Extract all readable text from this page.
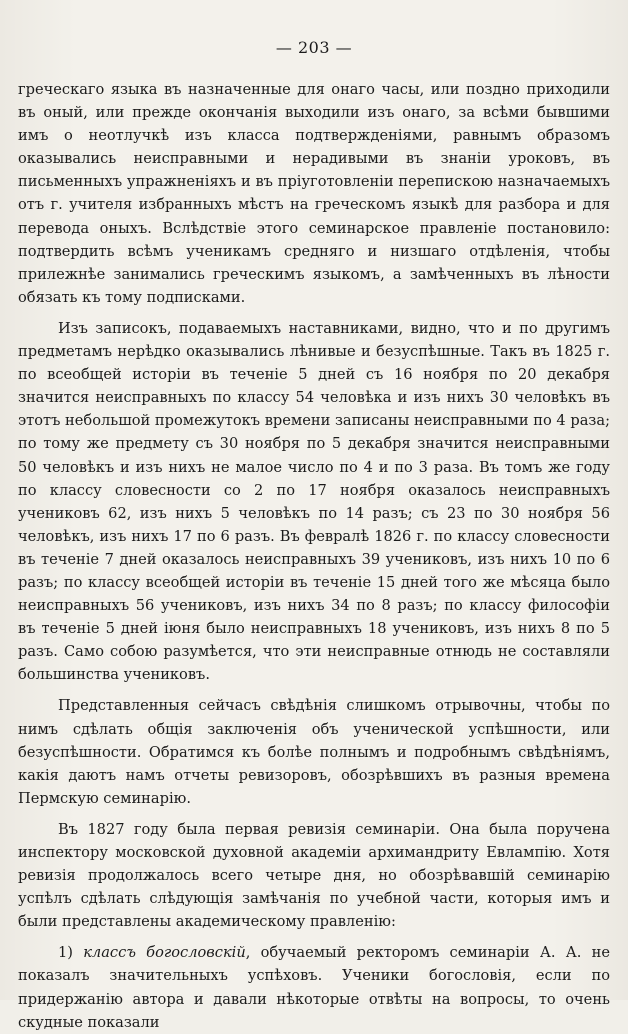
— 203 —

греческаго языка въ назначенные для онаго часы, или поздно приходили въ оный, или прежде окончанія выходили изъ онаго, за всѣми бывшими имъ о неотлучкѣ изъ класса подтвержденіями, равнымъ образомъ оказывались неисправными и нерадивыми въ знаніи уроковъ, въ письменныхъ упражненіяхъ и въ пріуготовленіи перепискою назначаемыхъ отъ г. учителя избранныхъ мѣстъ на греческомъ языкѣ для разбора и для перевода оныхъ. Вслѣдствіе этого семинарское правленіе постановило: подтвердить всѣмъ ученикамъ средняго и низшаго отдѣленія, чтобы прилежнѣе занимались греческимъ языкомъ, а замѣченныхъ въ лѣности обязать къ тому подписками.

Изъ записокъ, подаваемыхъ наставниками, видно, что и по другимъ предметамъ нерѣдко оказывались лѣнивые и безуспѣшные. Такъ въ 1825 г. по всеобщей исторіи въ теченіе 5 дней съ 16 ноября по 20 декабря значится неисправныхъ по классу 54 человѣка и изъ нихъ 30 человѣкъ въ этотъ небольшой промежутокъ времени записаны неисправными по 4 раза; по тому же предмету съ 30 ноября по 5 декабря значится неисправными 50 человѣкъ и изъ нихъ не малое число по 4 и по 3 раза. Въ томъ же году по классу словесности со 2 по 17 ноября оказалось неисправныхъ учениковъ 62, изъ нихъ 5 человѣкъ по 14 разъ; съ 23 по 30 ноября 56 человѣкъ, изъ нихъ 17 по 6 разъ. Въ февралѣ 1826 г. по классу словесности въ теченіе 7 дней оказалось неисправныхъ 39 учениковъ, изъ нихъ 10 по 6 разъ; по классу всеобщей исторіи въ теченіе 15 дней того же мѣсяца было неисправныхъ 56 учениковъ, изъ нихъ 34 по 8 разъ; по классу философіи въ теченіе 5 дней іюня было неисправныхъ 18 учениковъ, изъ нихъ 8 по 5 разъ. Само собою разумѣется, что эти неисправные отнюдь не составляли большинства учениковъ.

Представленныя сейчасъ свѣдѣнія слишкомъ отрывочны, чтобы по нимъ сдѣлать общія заключенія объ ученической успѣшности, или безуспѣшности. Обратимся къ болѣе полнымъ и подробнымъ свѣдѣніямъ, какія даютъ намъ отчеты ревизоровъ, обозрѣвшихъ въ разныя времена Пермскую семинарію.

Въ 1827 году была первая ревизія семинаріи. Она была поручена инспектору московской духовной академіи архимандриту Евлампію. Хотя ревизія продолжалось всего четыре дня, но обозрѣвавшій семинарію успѣлъ сдѣлать слѣдующія замѣчанія по учебной части, которыя имъ и были представлены академическому правленію:

1) классъ богословскій, обучаемый ректоромъ семинаріи А. А. не показалъ значительныхъ успѣховъ. Ученики богословія, если по придержанію автора и давали нѣкоторые отвѣты на вопросы, то очень скудные показали
